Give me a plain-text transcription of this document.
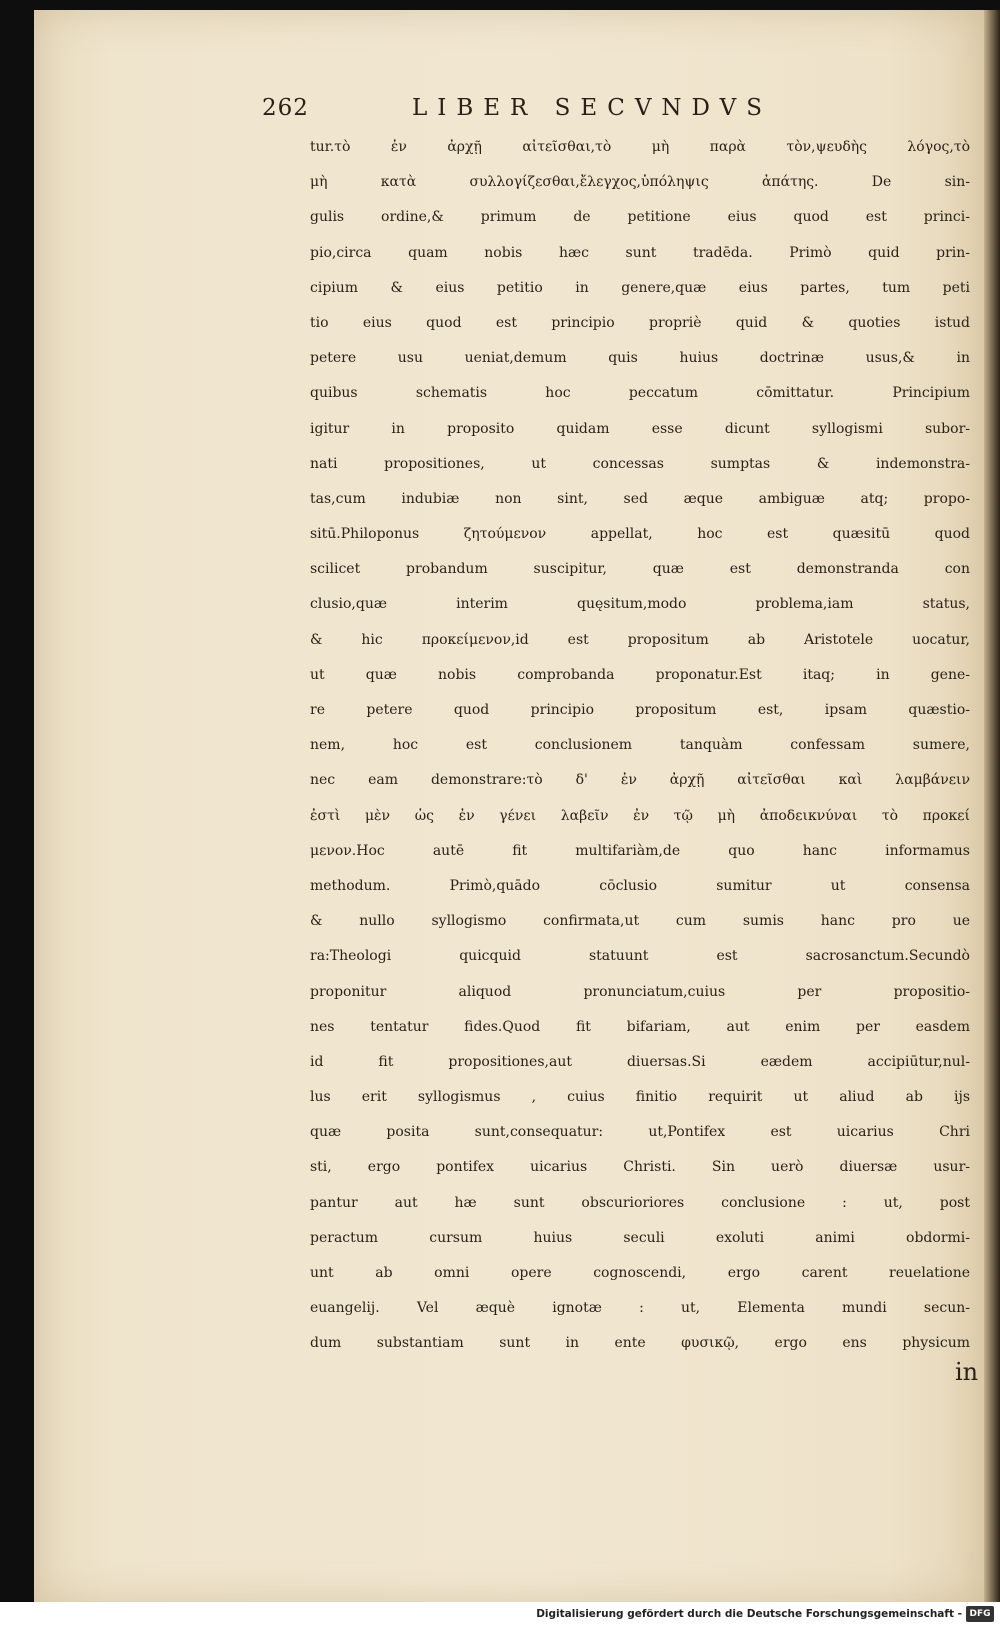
262	LIBER SECVNDVS
tur.τὸ ἐν ἀρχῇ αἰτεῖσθαι,τὸ μὴ παρὰ τὸν,ψευδὴς λόγος,τὸ
μὴ κατὰ συλλογίζεσθαι,ἔλεγχος,ὑπόληψις ἀπάτης. De sin-
gulis ordine,& primum de petitione eius quod est princi-
pio,circa quam nobis hæc sunt tradēda. Primò quid prin-
cipium & eius petitio in genere,quæ eius partes, tum peti
tio eius quod est principio propriè quid & quoties istud
petere usu ueniat,demum quis huius doctrinæ usus,& in
quibus schematis hoc peccatum cōmittatur. Principium
igitur in proposito quidam esse dicunt syllogismi subor-
nati propositiones, ut concessas sumptas & indemonstra-
tas,cum indubiæ non sint, sed æque ambiguæ atq; propo-
sitū.Philoponus ζητούμενον appellat, hoc est quæsitū quod
scilicet probandum suscipitur, quæ est demonstranda con
clusio,quæ interim quęsitum,modo problema,iam status,
& hic προκείμενον,id est propositum ab Aristotele uocatur,
ut quæ nobis comprobanda proponatur.Est itaq; in gene-
re petere quod principio propositum est, ipsam quæstio-
nem, hoc est conclusionem tanquàm confessam sumere,
nec eam demonstrare:τὸ δ' ἐν ἀρχῇ αἰτεῖσθαι καὶ λαμβάνειν
ἐστὶ μὲν ὡς ἐν γένει λαβεῖν ἐν τῷ μὴ ἀποδεικνύναι τὸ προκεί
μενον.Hoc autē fit multifariàm,de quo hanc informamus
methodum. Primò,quādo cōclusio sumitur ut consensa
& nullo syllogismo confirmata,ut cum sumis hanc pro ue
ra:Theologi quicquid statuunt est sacrosanctum.Secundò
proponitur aliquod pronunciatum,cuius per propositio-
nes tentatur fides.Quod fit bifariam, aut enim per easdem
id fit propositiones,aut diuersas.Si eædem accipiūtur,nul-
lus erit syllogismus , cuius finitio requirit ut aliud ab ijs
quæ posita sunt,consequatur: ut,Pontifex est uicarius Chri
sti, ergo pontifex uicarius Christi. Sin uerò diuersæ usur-
pantur aut hæ sunt obscurioriores conclusione : ut, post
peractum cursum huius seculi exoluti animi obdormi-
unt ab omni opere cognoscendi, ergo carent reuelatione
euangelij. Vel æquè ignotæ : ut, Elementa mundi secun-
dum substantiam sunt in ente φυσικῷ, ergo ens physicum
in
Digitalisierung gefördert durch die Deutsche Forschungsgemeinschaft - DFG
